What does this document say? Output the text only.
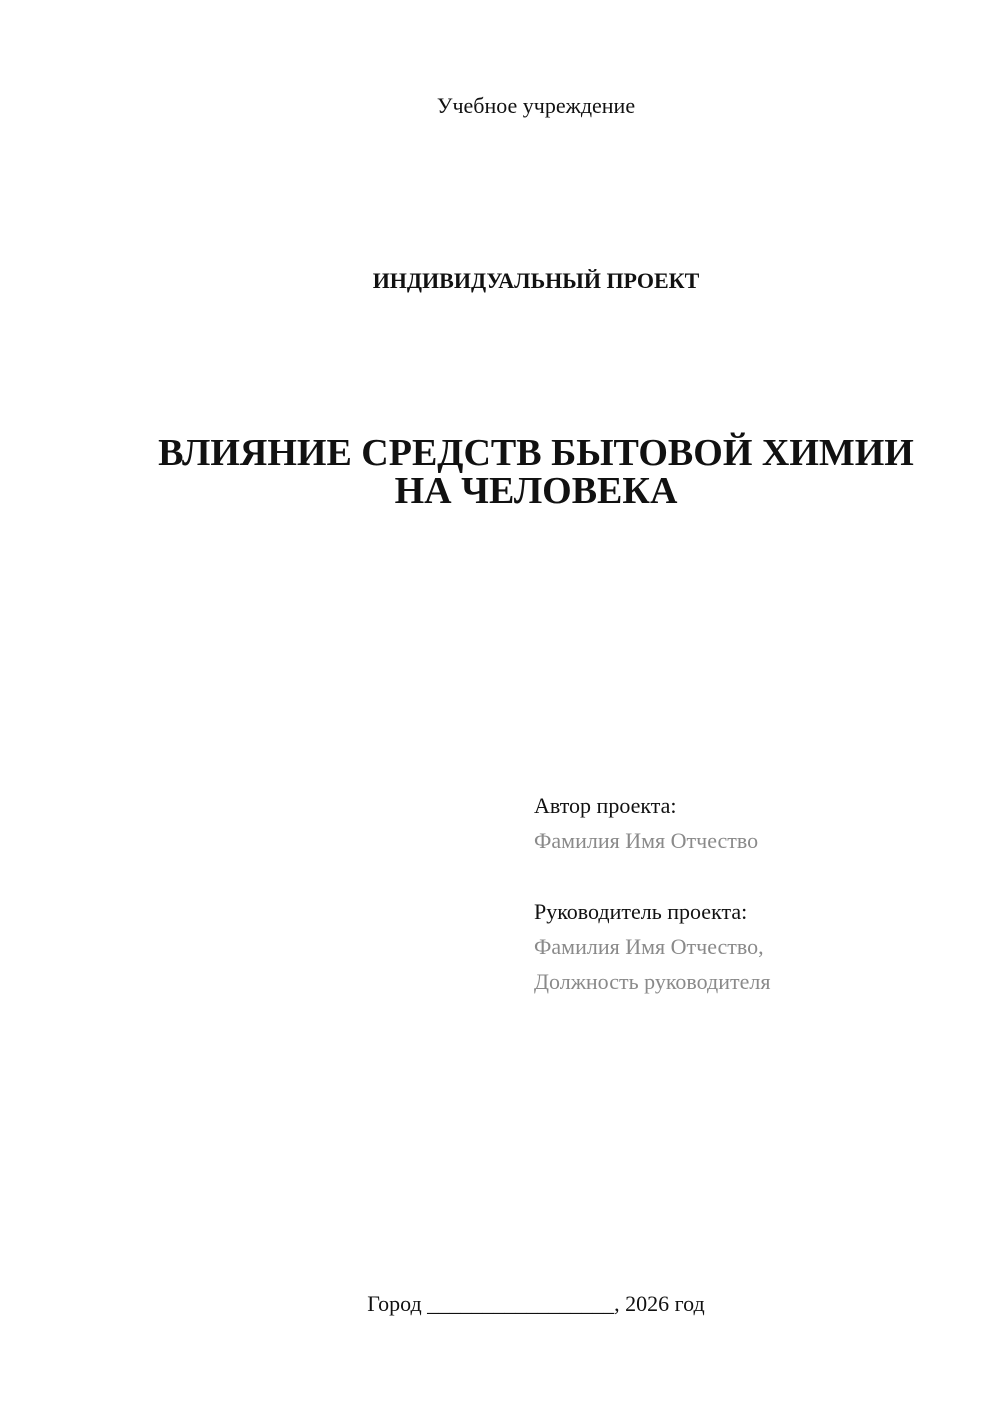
Учебное учреждение
ИНДИВИДУАЛЬНЫЙ ПРОЕКТ
ВЛИЯНИЕ СРЕДСТВ БЫТОВОЙ ХИМИИ
НА ЧЕЛОВЕКА
Автор проекта:
Фамилия Имя Отчество
Руководитель проекта:
Фамилия Имя Отчество,
Должность руководителя
Город _________________, 2026 год
